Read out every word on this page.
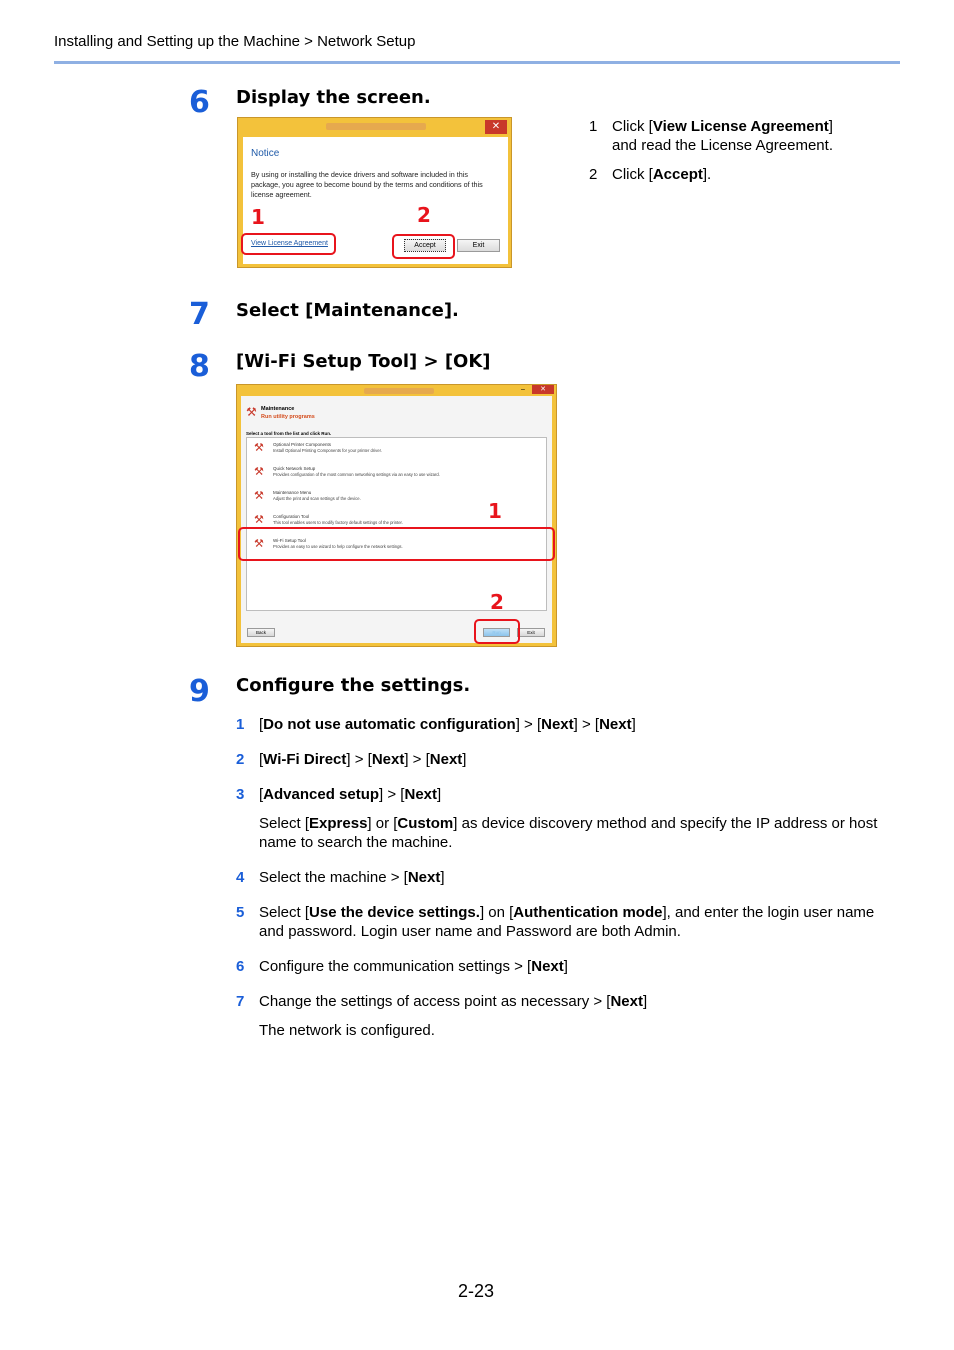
Installing and Setting up the Machine > Network Setup
6 Display the screen.
✕
Notice
By using or installing the device drivers and software included in this package, you agree to become bound by the terms and conditions of this license agreement.
View License Agreement	Accept	Exit
1	2
1 Click [View License Agreement] and read the License Agreement.
2 Click [Accept].
7 Select [Maintenance].
8 [Wi-Fi Setup Tool] > [OK]
–	✕
⚒ Maintenance
Run utility programs
Select a tool from the list and click Run.
⚒ Optional Printer Components
Install Optional Printing Components for your printer driver.
⚒ Quick Network Setup
Provides configuration of the most common networking settings via an easy to use wizard.
⚒ Maintenance Menu
Adjust the print and scan settings of the device.
⚒ Configuration Tool
This tool enables users to modify factory default settings of the printer.
⚒ Wi-Fi Setup Tool
Provides an easy to use wizard to help configure the network settings.
Back	Run	Exit
1
2
9 Configure the settings.
1 [Do not use automatic configuration] > [Next] > [Next]
2 [Wi-Fi Direct] > [Next] > [Next]
3 [Advanced setup] > [Next]
Select [Express] or [Custom] as device discovery method and specify the IP address or host name to search the machine.
4 Select the machine > [Next]
5 Select [Use the device settings.] on [Authentication mode], and enter the login user name and password. Login user name and Password are both Admin.
6 Configure the communication settings > [Next]
7 Change the settings of access point as necessary > [Next]
The network is configured.
2-23
